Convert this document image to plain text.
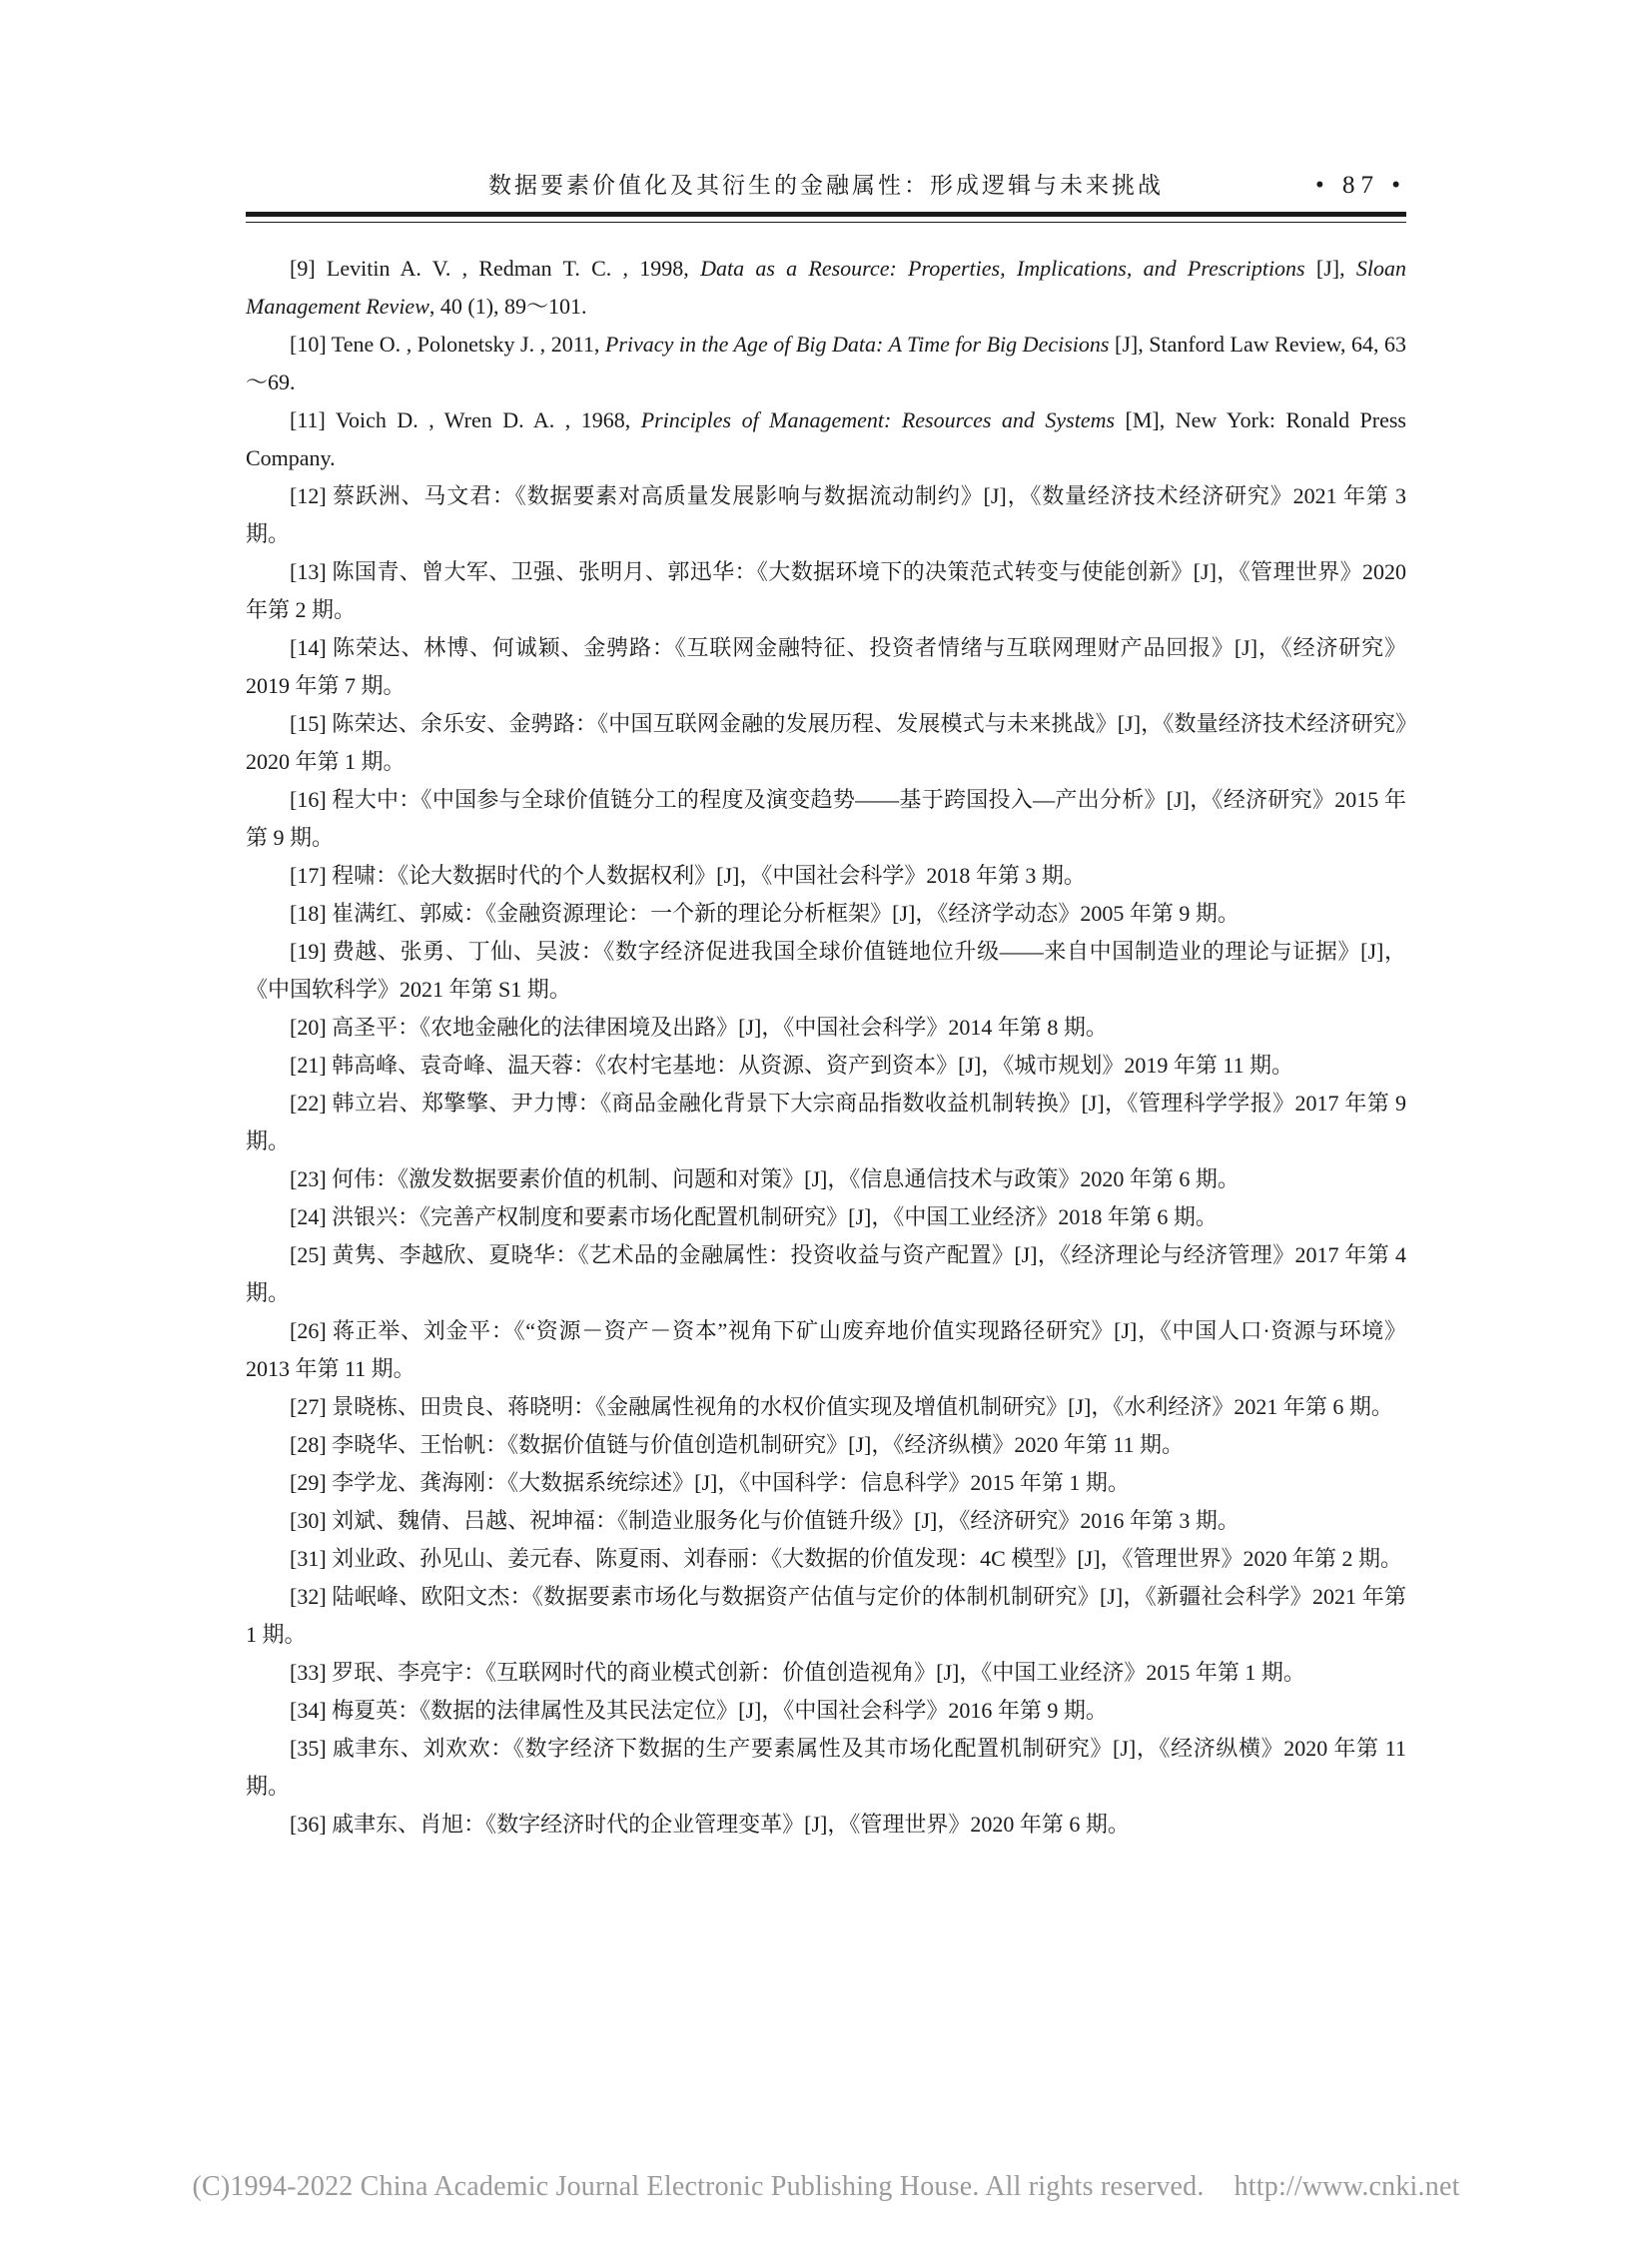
数据要素价值化及其衍生的金融属性：形成逻辑与未来挑战	• 87 •

[9] Levitin A. V. , Redman T. C. , 1998, Data as a Resource: Properties, Implications, and Prescriptions [J], Sloan Management Review, 40 (1), 89～101.

[10] Tene O. , Polonetsky J. , 2011, Privacy in the Age of Big Data: A Time for Big Decisions [J], Stanford Law Review, 64, 63～69.

[11] Voich D. , Wren D. A. , 1968, Principles of Management: Resources and Systems [M], New York: Ronald Press Company.

[12] 蔡跃洲、马文君：《数据要素对高质量发展影响与数据流动制约》[J]，《数量经济技术经济研究》2021 年第 3 期。

[13] 陈国青、曾大军、卫强、张明月、郭迅华：《大数据环境下的决策范式转变与使能创新》[J]，《管理世界》2020 年第 2 期。

[14] 陈荣达、林博、何诚颖、金骋路：《互联网金融特征、投资者情绪与互联网理财产品回报》[J]，《经济研究》2019 年第 7 期。

[15] 陈荣达、余乐安、金骋路：《中国互联网金融的发展历程、发展模式与未来挑战》[J]，《数量经济技术经济研究》2020 年第 1 期。

[16] 程大中：《中国参与全球价值链分工的程度及演变趋势——基于跨国投入—产出分析》[J]，《经济研究》2015 年第 9 期。

[17] 程啸：《论大数据时代的个人数据权利》[J]，《中国社会科学》2018 年第 3 期。

[18] 崔满红、郭威：《金融资源理论：一个新的理论分析框架》[J]，《经济学动态》2005 年第 9 期。

[19] 费越、张勇、丁仙、吴波：《数字经济促进我国全球价值链地位升级——来自中国制造业的理论与证据》[J]，《中国软科学》2021 年第 S1 期。

[20] 高圣平：《农地金融化的法律困境及出路》[J]，《中国社会科学》2014 年第 8 期。

[21] 韩高峰、袁奇峰、温天蓉：《农村宅基地：从资源、资产到资本》[J]，《城市规划》2019 年第 11 期。

[22] 韩立岩、郑擎擎、尹力博：《商品金融化背景下大宗商品指数收益机制转换》[J]，《管理科学学报》2017 年第 9 期。

[23] 何伟：《激发数据要素价值的机制、问题和对策》[J]，《信息通信技术与政策》2020 年第 6 期。

[24] 洪银兴：《完善产权制度和要素市场化配置机制研究》[J]，《中国工业经济》2018 年第 6 期。

[25] 黄隽、李越欣、夏晓华：《艺术品的金融属性：投资收益与资产配置》[J]，《经济理论与经济管理》2017 年第 4 期。

[26] 蒋正举、刘金平：《“资源－资产－资本”视角下矿山废弃地价值实现路径研究》[J]，《中国人口·资源与环境》2013 年第 11 期。

[27] 景晓栋、田贵良、蒋晓明：《金融属性视角的水权价值实现及增值机制研究》[J]，《水利经济》2021 年第 6 期。

[28] 李晓华、王怡帆：《数据价值链与价值创造机制研究》[J]，《经济纵横》2020 年第 11 期。

[29] 李学龙、龚海刚：《大数据系统综述》[J]，《中国科学：信息科学》2015 年第 1 期。

[30] 刘斌、魏倩、吕越、祝坤福：《制造业服务化与价值链升级》[J]，《经济研究》2016 年第 3 期。

[31] 刘业政、孙见山、姜元春、陈夏雨、刘春丽：《大数据的价值发现：4C 模型》[J]，《管理世界》2020 年第 2 期。

[32] 陆岷峰、欧阳文杰：《数据要素市场化与数据资产估值与定价的体制机制研究》[J]，《新疆社会科学》2021 年第 1 期。

[33] 罗珉、李亮宇：《互联网时代的商业模式创新：价值创造视角》[J]，《中国工业经济》2015 年第 1 期。

[34] 梅夏英：《数据的法律属性及其民法定位》[J]，《中国社会科学》2016 年第 9 期。

[35] 戚聿东、刘欢欢：《数字经济下数据的生产要素属性及其市场化配置机制研究》[J]，《经济纵横》2020 年第 11 期。

[36] 戚聿东、肖旭：《数字经济时代的企业管理变革》[J]，《管理世界》2020 年第 6 期。

(C)1994-2022 China Academic Journal Electronic Publishing House. All rights reserved. http://www.cnki.net
